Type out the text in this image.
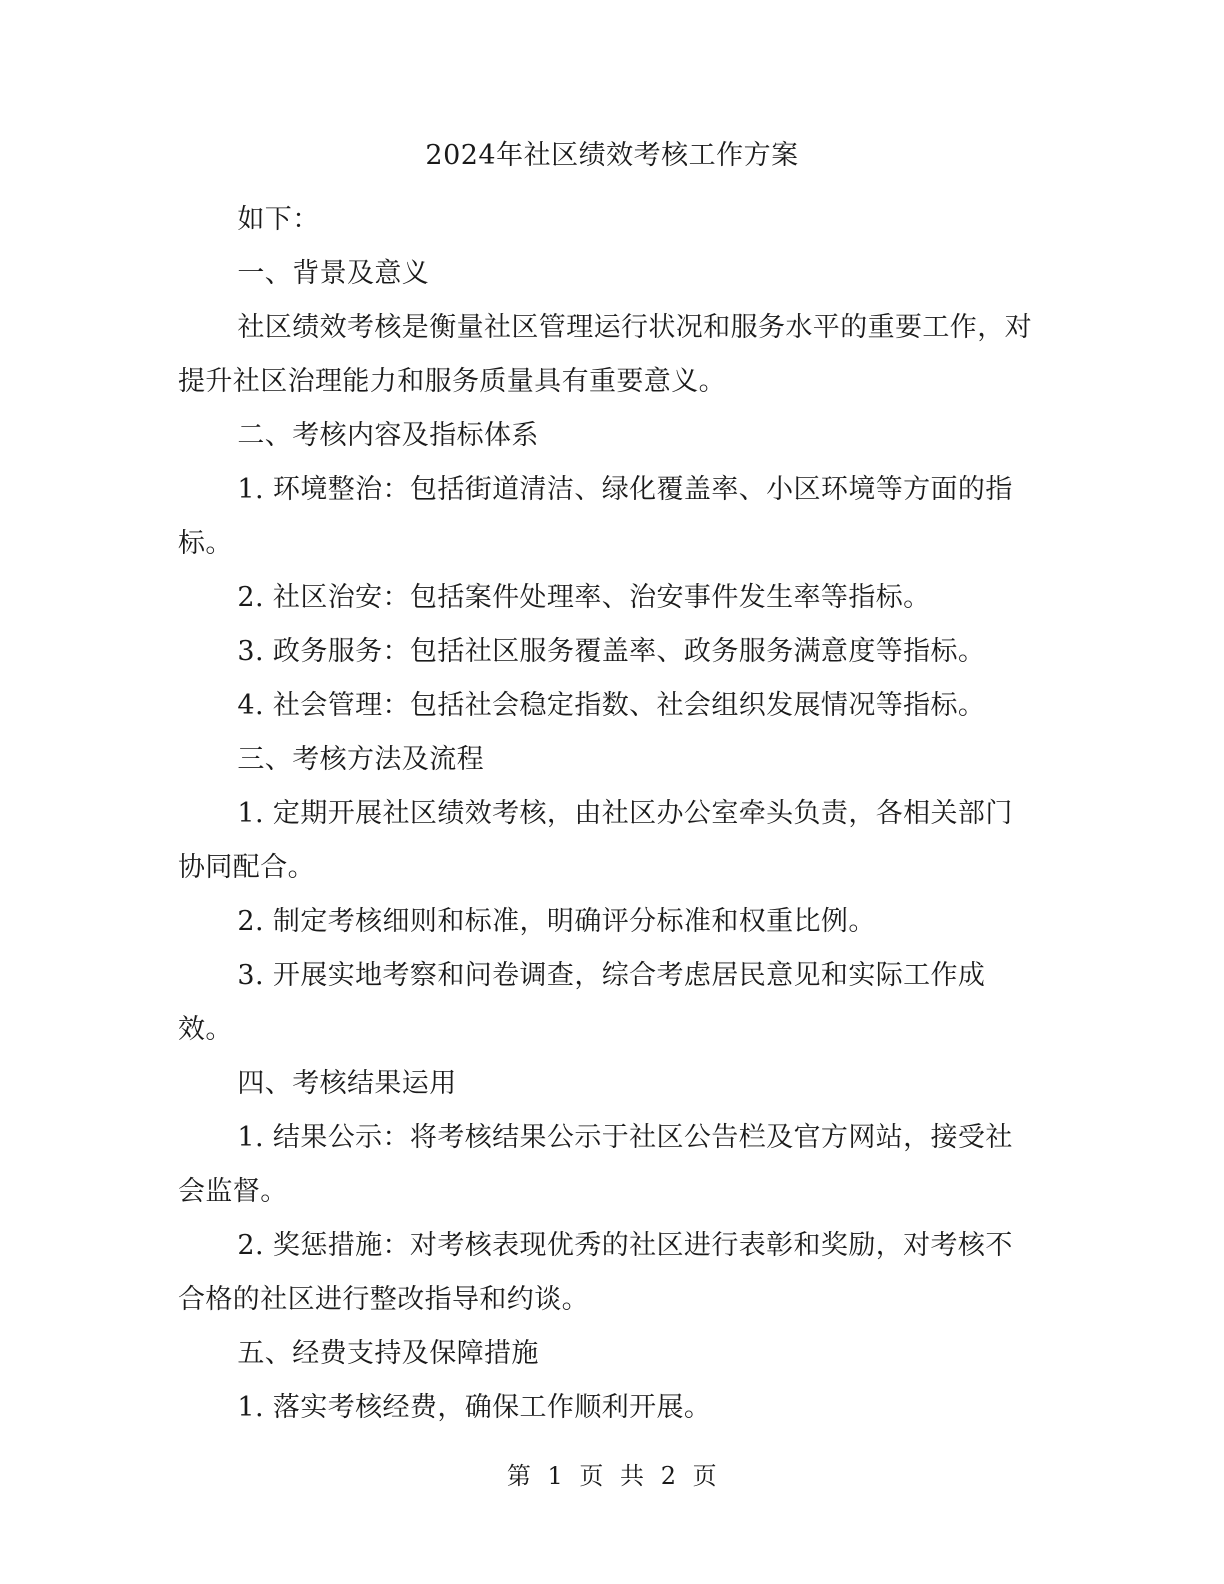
2024年社区绩效考核工作方案

如下：

一、背景及意义

社区绩效考核是衡量社区管理运行状况和服务水平的重要工作，对提升社区治理能力和服务质量具有重要意义。

二、考核内容及指标体系

1. 环境整治：包括街道清洁、绿化覆盖率、小区环境等方面的指标。

2. 社区治安：包括案件处理率、治安事件发生率等指标。

3. 政务服务：包括社区服务覆盖率、政务服务满意度等指标。

4. 社会管理：包括社会稳定指数、社会组织发展情况等指标。

三、考核方法及流程

1. 定期开展社区绩效考核，由社区办公室牵头负责，各相关部门协同配合。

2. 制定考核细则和标准，明确评分标准和权重比例。

3. 开展实地考察和问卷调查，综合考虑居民意见和实际工作成效。

四、考核结果运用

1. 结果公示：将考核结果公示于社区公告栏及官方网站，接受社会监督。

2. 奖惩措施：对考核表现优秀的社区进行表彰和奖励，对考核不合格的社区进行整改指导和约谈。

五、经费支持及保障措施

1. 落实考核经费，确保工作顺利开展。

第 1 页 共 2 页
